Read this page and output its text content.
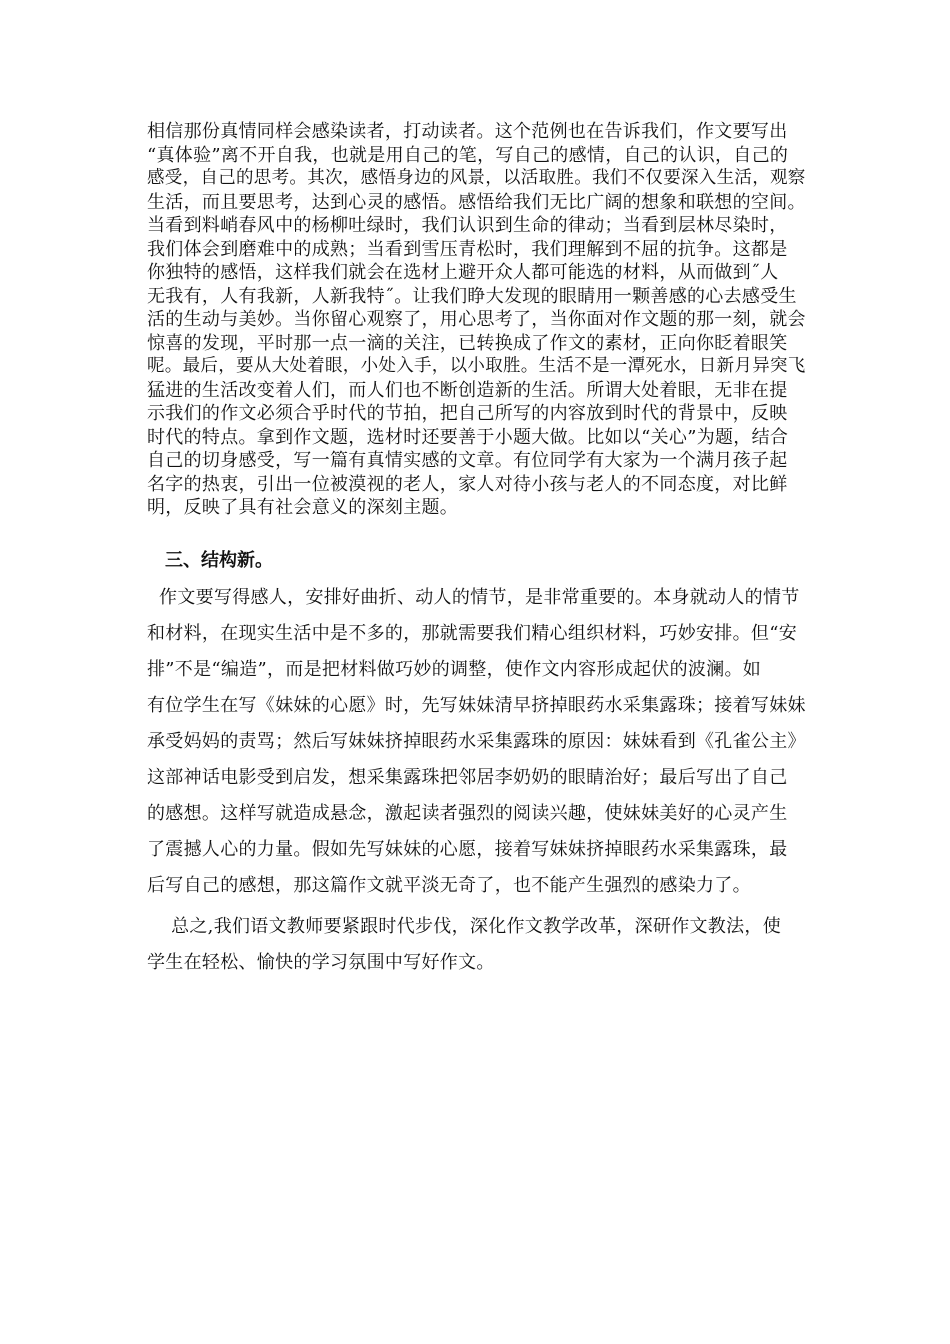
相信那份真情同样会感染读者，打动读者。这个范例也在告诉我们，作文要写出
“真体验”离不开自我，也就是用自己的笔，写自己的感情，自己的认识，自己的
感受，自己的思考。其次，感悟身边的风景，以活取胜。我们不仅要深入生活，观察
生活，而且要思考，达到心灵的感悟。感悟给我们无比广阔的想象和联想的空间。
当看到料峭春风中的杨柳吐绿时，我们认识到生命的律动；当看到层林尽染时，
我们体会到磨难中的成熟；当看到雪压青松时，我们理解到不屈的抗争。这都是
你独特的感悟，这样我们就会在选材上避开众人都可能选的材料，从而做到˝人
无我有，人有我新，人新我特˝。让我们睁大发现的眼睛用一颗善感的心去感受生
活的生动与美妙。当你留心观察了，用心思考了，当你面对作文题的那一刻，就会
惊喜的发现，平时那一点一滴的关注，已转换成了作文的素材，正向你眨着眼笑
呢。最后，要从大处着眼，小处入手，以小取胜。生活不是一潭死水，日新月异突飞
猛进的生活改变着人们，而人们也不断创造新的生活。所谓大处着眼，无非在提
示我们的作文必须合乎时代的节拍，把自己所写的内容放到时代的背景中，反映
时代的特点。拿到作文题，选材时还要善于小题大做。比如以“关心”为题，结合
自己的切身感受，写一篇有真情实感的文章。有位同学有大家为一个满月孩子起
名字的热衷，引出一位被漠视的老人，家人对待小孩与老人的不同态度，对比鲜
明，反映了具有社会意义的深刻主题。
三、结构新。
作文要写得感人，安排好曲折、动人的情节，是非常重要的。本身就动人的情节
和材料，在现实生活中是不多的，那就需要我们精心组织材料，巧妙安排。但“安
排”不是“编造”，而是把材料做巧妙的调整，使作文内容形成起伏的波澜。如
有位学生在写《妹妹的心愿》时，先写妹妹清早挤掉眼药水采集露珠；接着写妹妹
承受妈妈的责骂；然后写妹妹挤掉眼药水采集露珠的原因：妹妹看到《孔雀公主》
这部神话电影受到启发，想采集露珠把邻居李奶奶的眼睛治好；最后写出了自己
的感想。这样写就造成悬念，激起读者强烈的阅读兴趣，使妹妹美好的心灵产生
了震撼人心的力量。假如先写妹妹的心愿，接着写妹妹挤掉眼药水采集露珠，最
后写自己的感想，那这篇作文就平淡无奇了，也不能产生强烈的感染力了。
总之,我们语文教师要紧跟时代步伐，深化作文教学改革，深研作文教法，使
学生在轻松、愉快的学习氛围中写好作文。
